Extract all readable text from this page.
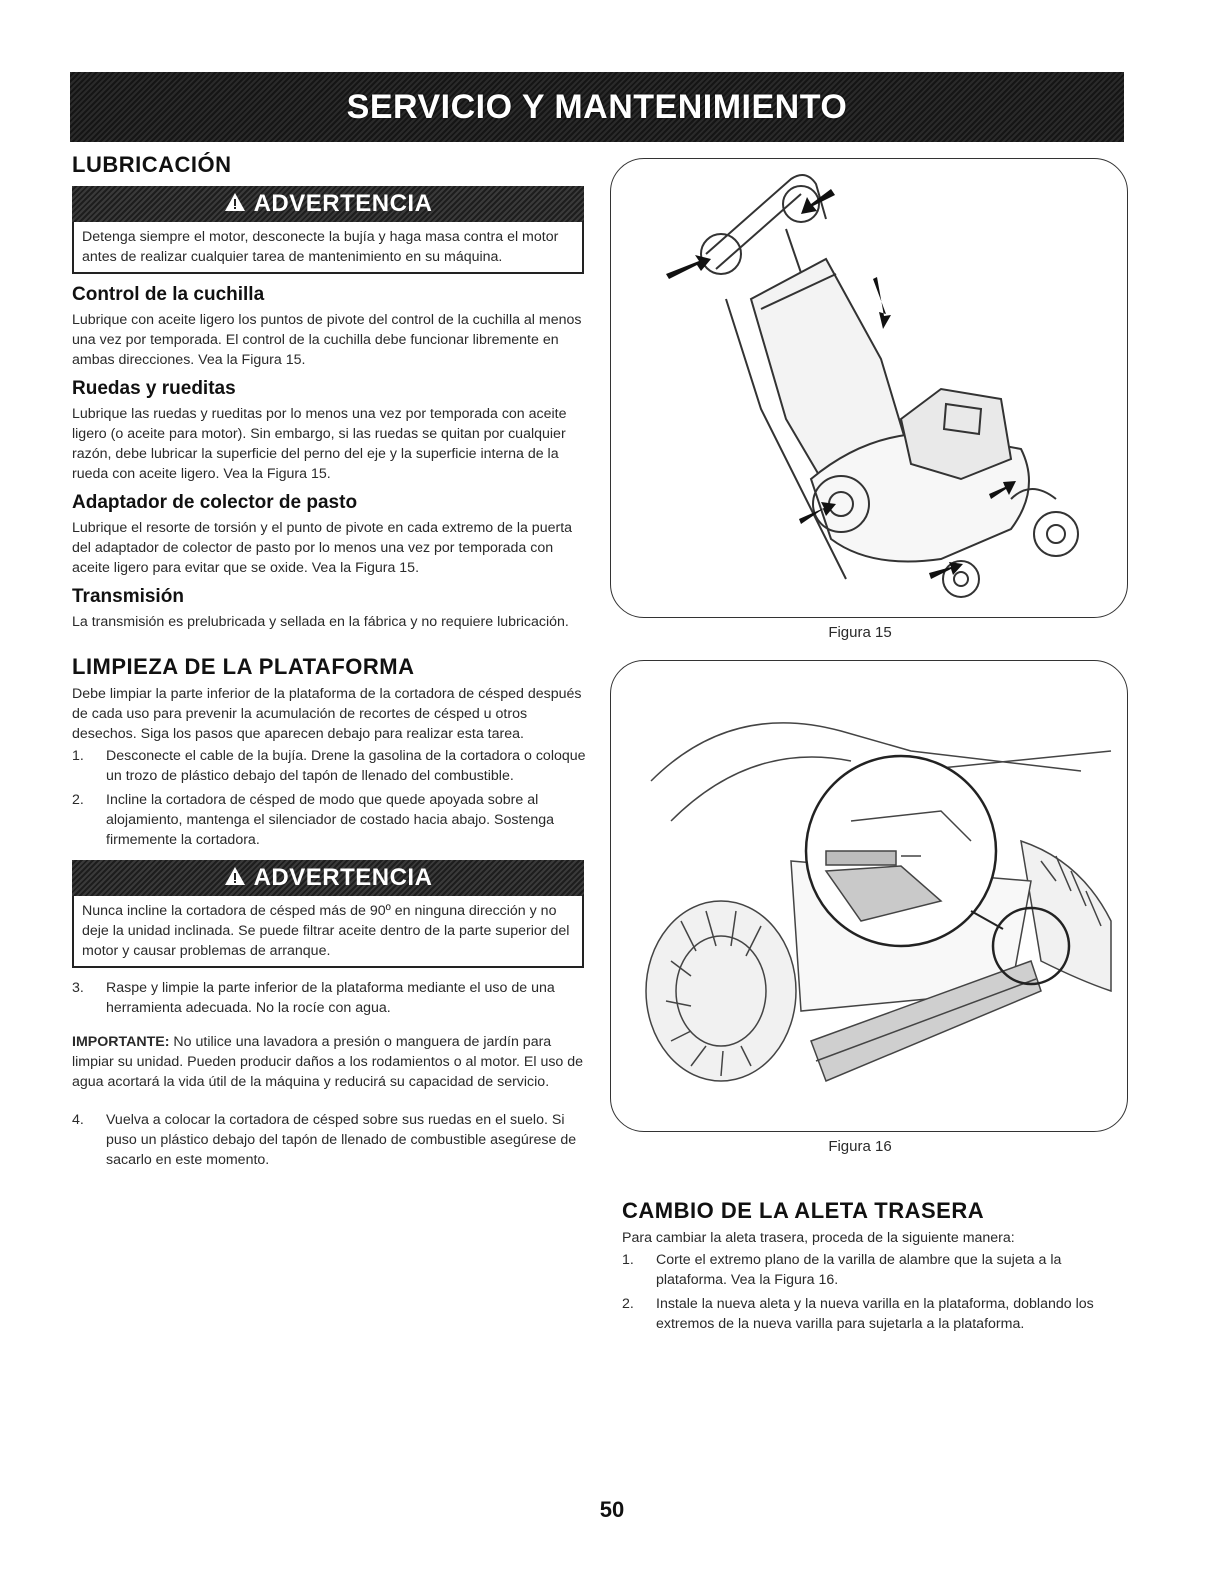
SERVICIO Y MANTENIMIENTO
LUBRICACIÓN
ADVERTENCIA
Detenga siempre el motor, desconecte la bujía y haga masa contra el motor antes de realizar cualquier tarea de mantenimiento en su máquina.
Control de la cuchilla

Lubrique con aceite ligero los puntos de pivote del control de la cuchilla al menos una vez por temporada. El control de la cuchilla debe funcionar libremente en ambas direcciones. Vea la Figura 15.

Ruedas y rueditas

Lubrique las ruedas y rueditas por lo menos una vez por temporada con aceite ligero (o aceite para motor). Sin embargo, si las ruedas se quitan por cualquier razón, debe lubricar la superficie del perno del eje y la superficie interna de la rueda con aceite ligero. Vea la Figura 15.

Adaptador de colector de pasto

Lubrique el resorte de torsión y el punto de pivote en cada extremo de la puerta del adaptador de colector de pasto por lo menos una vez por temporada con aceite ligero para evitar que se oxide. Vea la Figura 15.

Transmisión

La transmisión es prelubricada y sellada en la fábrica y no requiere lubricación.

LIMPIEZA DE LA PLATAFORMA

Debe limpiar la parte inferior de la plataforma de la cortadora de césped después de cada uso para prevenir la acumulación de recortes de césped u otros desechos. Siga los pasos que aparecen debajo para realizar esta tarea.

1. Desconecte el cable de la bujía. Drene la gasolina de la cortadora o coloque un trozo de plástico debajo del tapón de llenado del combustible.
2. Incline la cortadora de césped de modo que quede apoyada sobre al alojamiento, mantenga el silenciador de costado hacia abajo. Sostenga firmemente la cortadora.
ADVERTENCIA
Nunca incline la cortadora de césped más de 90º en ninguna dirección y no deje la unidad inclinada. Se puede filtrar aceite dentro de la parte superior del motor y causar problemas de arranque.
3. Raspe y limpie la parte inferior de la plataforma mediante el uso de una herramienta adecuada. No la rocíe con agua.

IMPORTANTE: No utilice una lavadora a presión o manguera de jardín para limpiar su unidad. Pueden producir daños a los rodamientos o al motor. El uso de agua acortará la vida útil de la máquina y reducirá su capacidad de servicio.

4. Vuelva a colocar la cortadora de césped sobre sus ruedas en el suelo. Si puso un plástico debajo del tapón de llenado de combustible asegúrese de sacarlo en este momento.
Figura 15
Figura 16
CAMBIO DE LA ALETA TRASERA

Para cambiar la aleta trasera, proceda de la siguiente manera:

1. Corte el extremo plano de la varilla de alambre que la sujeta a la plataforma. Vea la Figura 16.
2. Instale la nueva aleta y la nueva varilla en la plataforma, doblando los extremos de la nueva varilla para sujetarla a la plataforma.
50
